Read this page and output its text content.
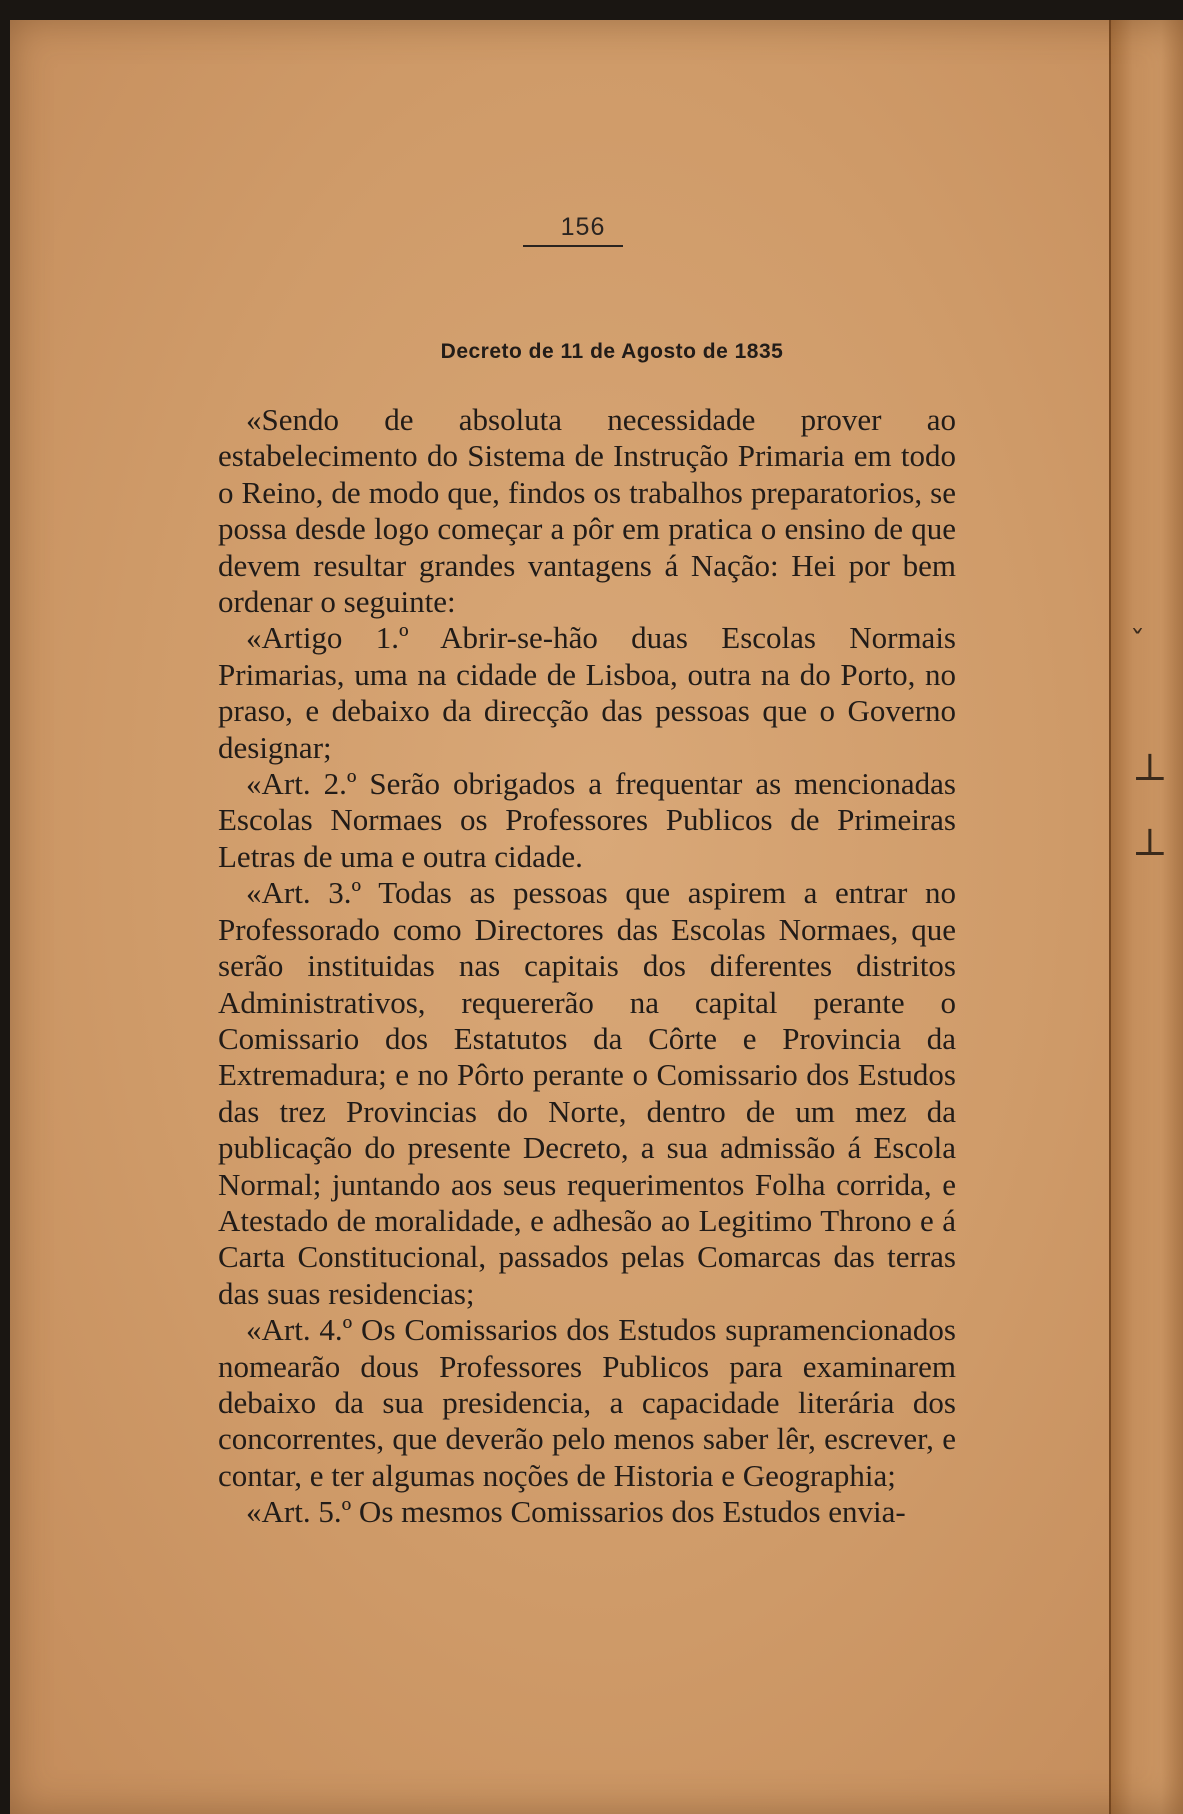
156
Decreto de 11 de Agosto de 1835

«Sendo de absoluta necessidade prover ao estabelecimento do Sistema de Instrução Primaria em todo o Reino, de modo que, findos os trabalhos preparatorios, se possa desde logo começar a pôr em pratica o ensino de que devem resultar grandes vantagens á Nação: Hei por bem ordenar o seguinte:

«Artigo 1.º Abrir-se-hão duas Escolas Normais Primarias, uma na cidade de Lisboa, outra na do Porto, no praso, e debaixo da direcção das pessoas que o Governo designar;

«Art. 2.º Serão obrigados a frequentar as mencionadas Escolas Normaes os Professores Publicos de Primeiras Letras de uma e outra cidade.

«Art. 3.º Todas as pessoas que aspirem a entrar no Professorado como Directores das Escolas Normaes, que serão instituidas nas capitais dos diferentes distritos Administrativos, requererão na capital perante o Comissario dos Estatutos da Côrte e Provincia da Extremadura; e no Pôrto perante o Comissario dos Estudos das trez Provincias do Norte, dentro de um mez da publicação do presente Decreto, a sua admissão á Escola Normal; juntando aos seus requerimentos Folha corrida, e Atestado de moralidade, e adhesão ao Legitimo Throno e á Carta Constitucional, passados pelas Comarcas das terras das suas residencias;

«Art. 4.º Os Comissarios dos Estudos supramencionados nomearão dous Professores Publicos para examinarem debaixo da sua presidencia, a capacidade literária dos concorrentes, que deverão pelo menos saber lêr, escrever, e contar, e ter algumas noções de Historia e Geographia;

«Art. 5.º Os mesmos Comissarios dos Estudos envia-

ˇ
⊥
⊥
